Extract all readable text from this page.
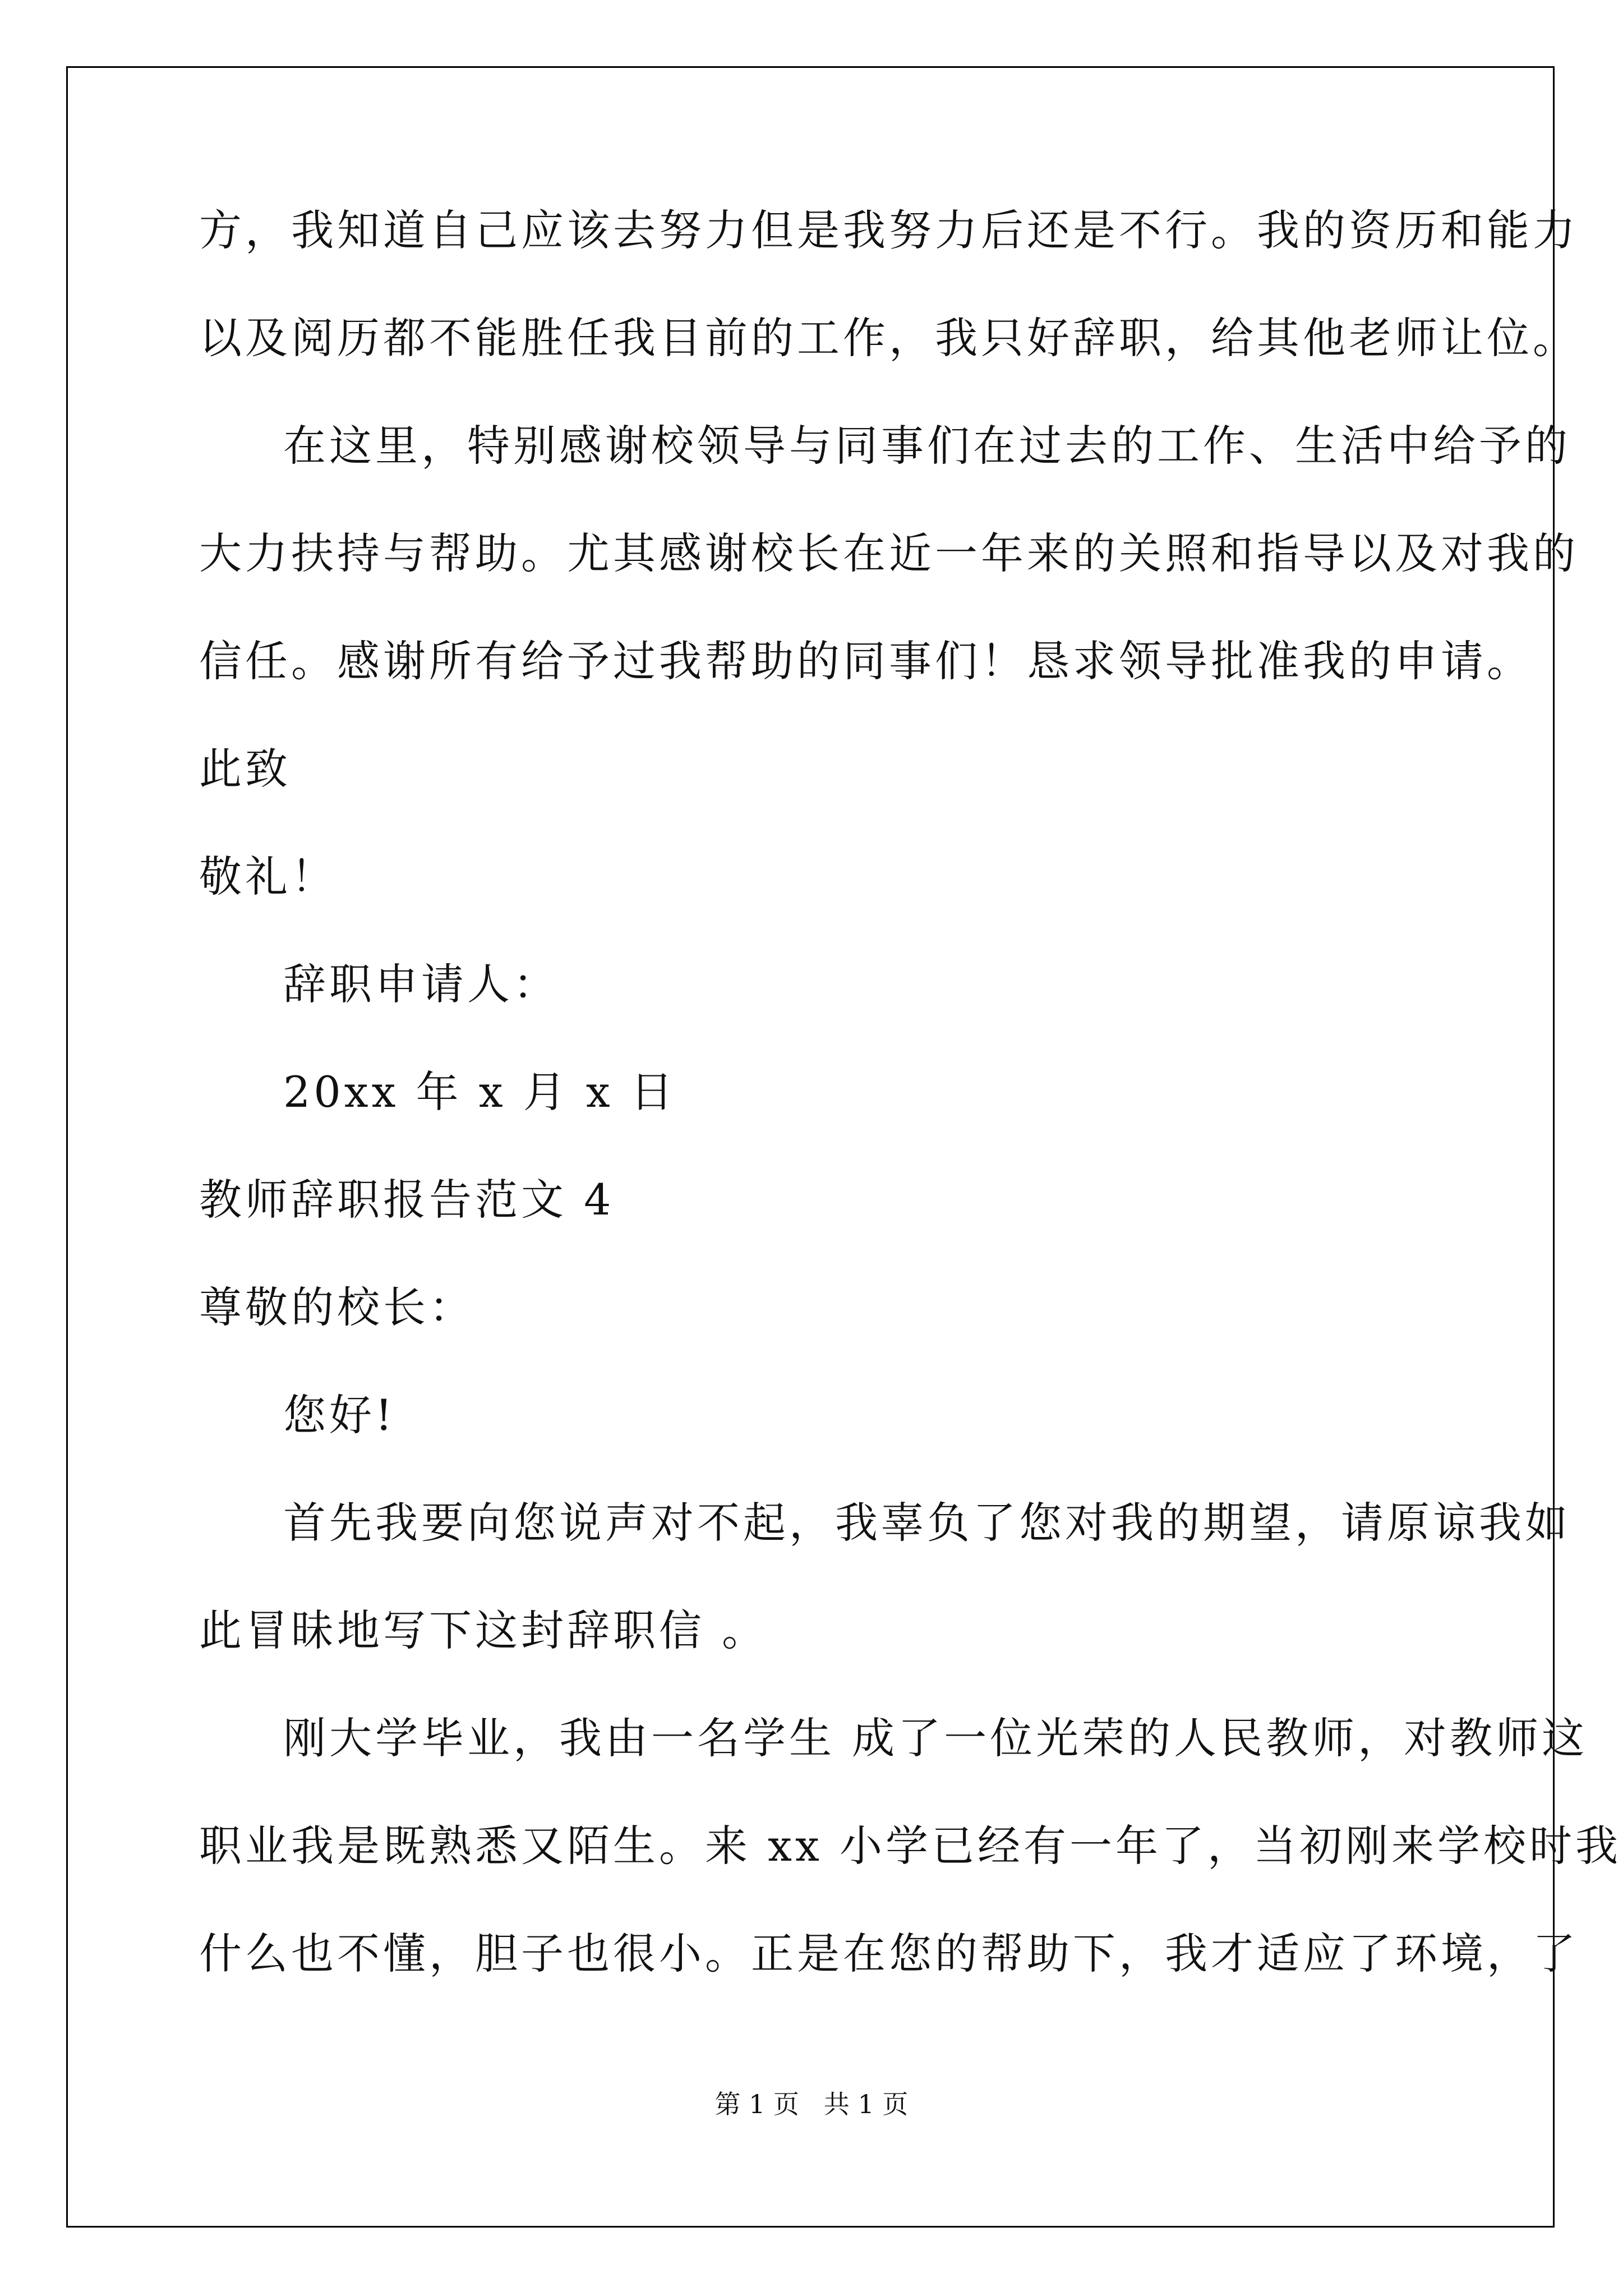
方，我知道自己应该去努力但是我努力后还是不行。我的资历和能力

以及阅历都不能胜任我目前的工作，我只好辞职，给其他老师让位。

在这里，特别感谢校领导与同事们在过去的工作、生活中给予的

大力扶持与帮助。尤其感谢校长在近一年来的关照和指导以及对我的

信任。感谢所有给予过我帮助的同事们！恳求领导批准我的申请。

此致

敬礼！

辞职申请人：

20xx 年 x 月 x 日

教师辞职报告范文 4

尊敬的校长：

您好!

首先我要向您说声对不起，我辜负了您对我的期望，请原谅我如

此冒昧地写下这封辞职信 。

刚大学毕业，我由一名学生 成了一位光荣的人民教师，对教师这

职业我是既熟悉又陌生。来 xx 小学已经有一年了，当初刚来学校时我

什么也不懂，胆子也很小。正是在您的帮助下，我才适应了环境，了

第 1 页   共 1 页
